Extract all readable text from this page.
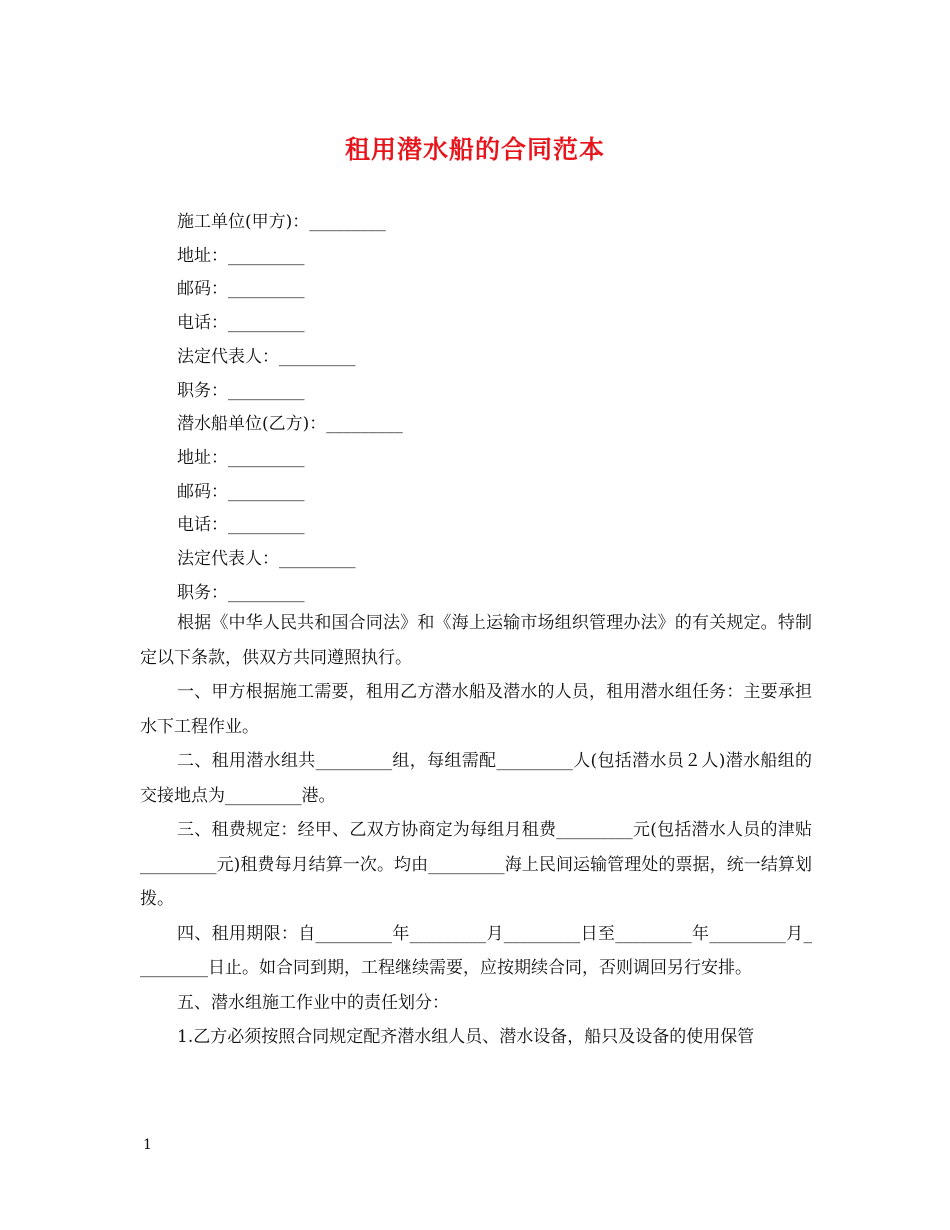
租用潜水船的合同范本
施工单位(甲方)：_________
地址：_________
邮码：_________
电话：_________
法定代表人：_________
职务：_________
潜水船单位(乙方)：_________
地址：_________
邮码：_________
电话：_________
法定代表人：_________
职务：_________

根据《中华人民共和国合同法》和《海上运输市场组织管理办法》的有关规定。特制定以下条款，供双方共同遵照执行。

一、甲方根据施工需要，租用乙方潜水船及潜水的人员，租用潜水组任务：主要承担水下工程作业。

二、租用潜水组共_________组，每组需配_________人(包括潜水员２人)潜水船组的交接地点为_________港。

三、租费规定：经甲、乙双方协商定为每组月租费_________元(包括潜水人员的津贴_________元)租费每月结算一次。均由_________海上民间运输管理处的票据，统一结算划拨。

四、租用期限：自_________年_________月_________日至_________年_________月_________日止。如合同到期，工程继续需要，应按期续合同，否则调回另行安排。

五、潜水组施工作业中的责任划分：

1.乙方必须按照合同规定配齐潜水组人员、潜水设备，船只及设备的使用保管

1
